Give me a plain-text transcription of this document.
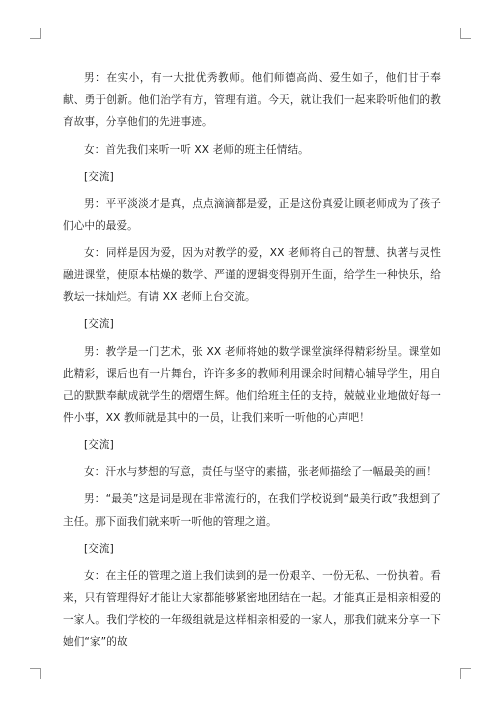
男：在实小，有一大批优秀教师。他们师德高尚、爱生如子，他们甘于奉献、勇于创新。他们治学有方，管理有道。今天，就让我们一起来聆听他们的教育故事，分享他们的先进事迹。

女：首先我们来听一听 XX 老师的班主任情结。

[交流]

男：平平淡淡才是真，点点滴滴都是爱，正是这份真爱让顾老师成为了孩子们心中的最爱。

女：同样是因为爱，因为对教学的爱，XX 老师将自己的智慧、执著与灵性融进课堂，使原本枯燥的数学、严谨的逻辑变得别开生面，给学生一种快乐，给教坛一抹灿烂。有请 XX 老师上台交流。

[交流]

男：教学是一门艺术，张 XX 老师将她的数学课堂演绎得精彩纷呈。课堂如此精彩，课后也有一片舞台，许许多多的教师利用课余时间精心辅导学生，用自己的默默奉献成就学生的熠熠生辉。他们给班主任的支持，兢兢业业地做好每一件小事，XX 教师就是其中的一员，让我们来听一听他的心声吧！

[交流]

女：汗水与梦想的写意，责任与坚守的素描，张老师描绘了一幅最美的画！

男：“最美”这是词是现在非常流行的，在我们学校说到“最美行政”我想到了主任。那下面我们就来听一听他的管理之道。

[交流]

女：在主任的管理之道上我们读到的是一份艰辛、一份无私、一份执着。看来，只有管理得好才能让大家都能够紧密地团结在一起。才能真正是相亲相爱的一家人。我们学校的一年级组就是这样相亲相爱的一家人，那我们就来分享一下她们“家”的故
